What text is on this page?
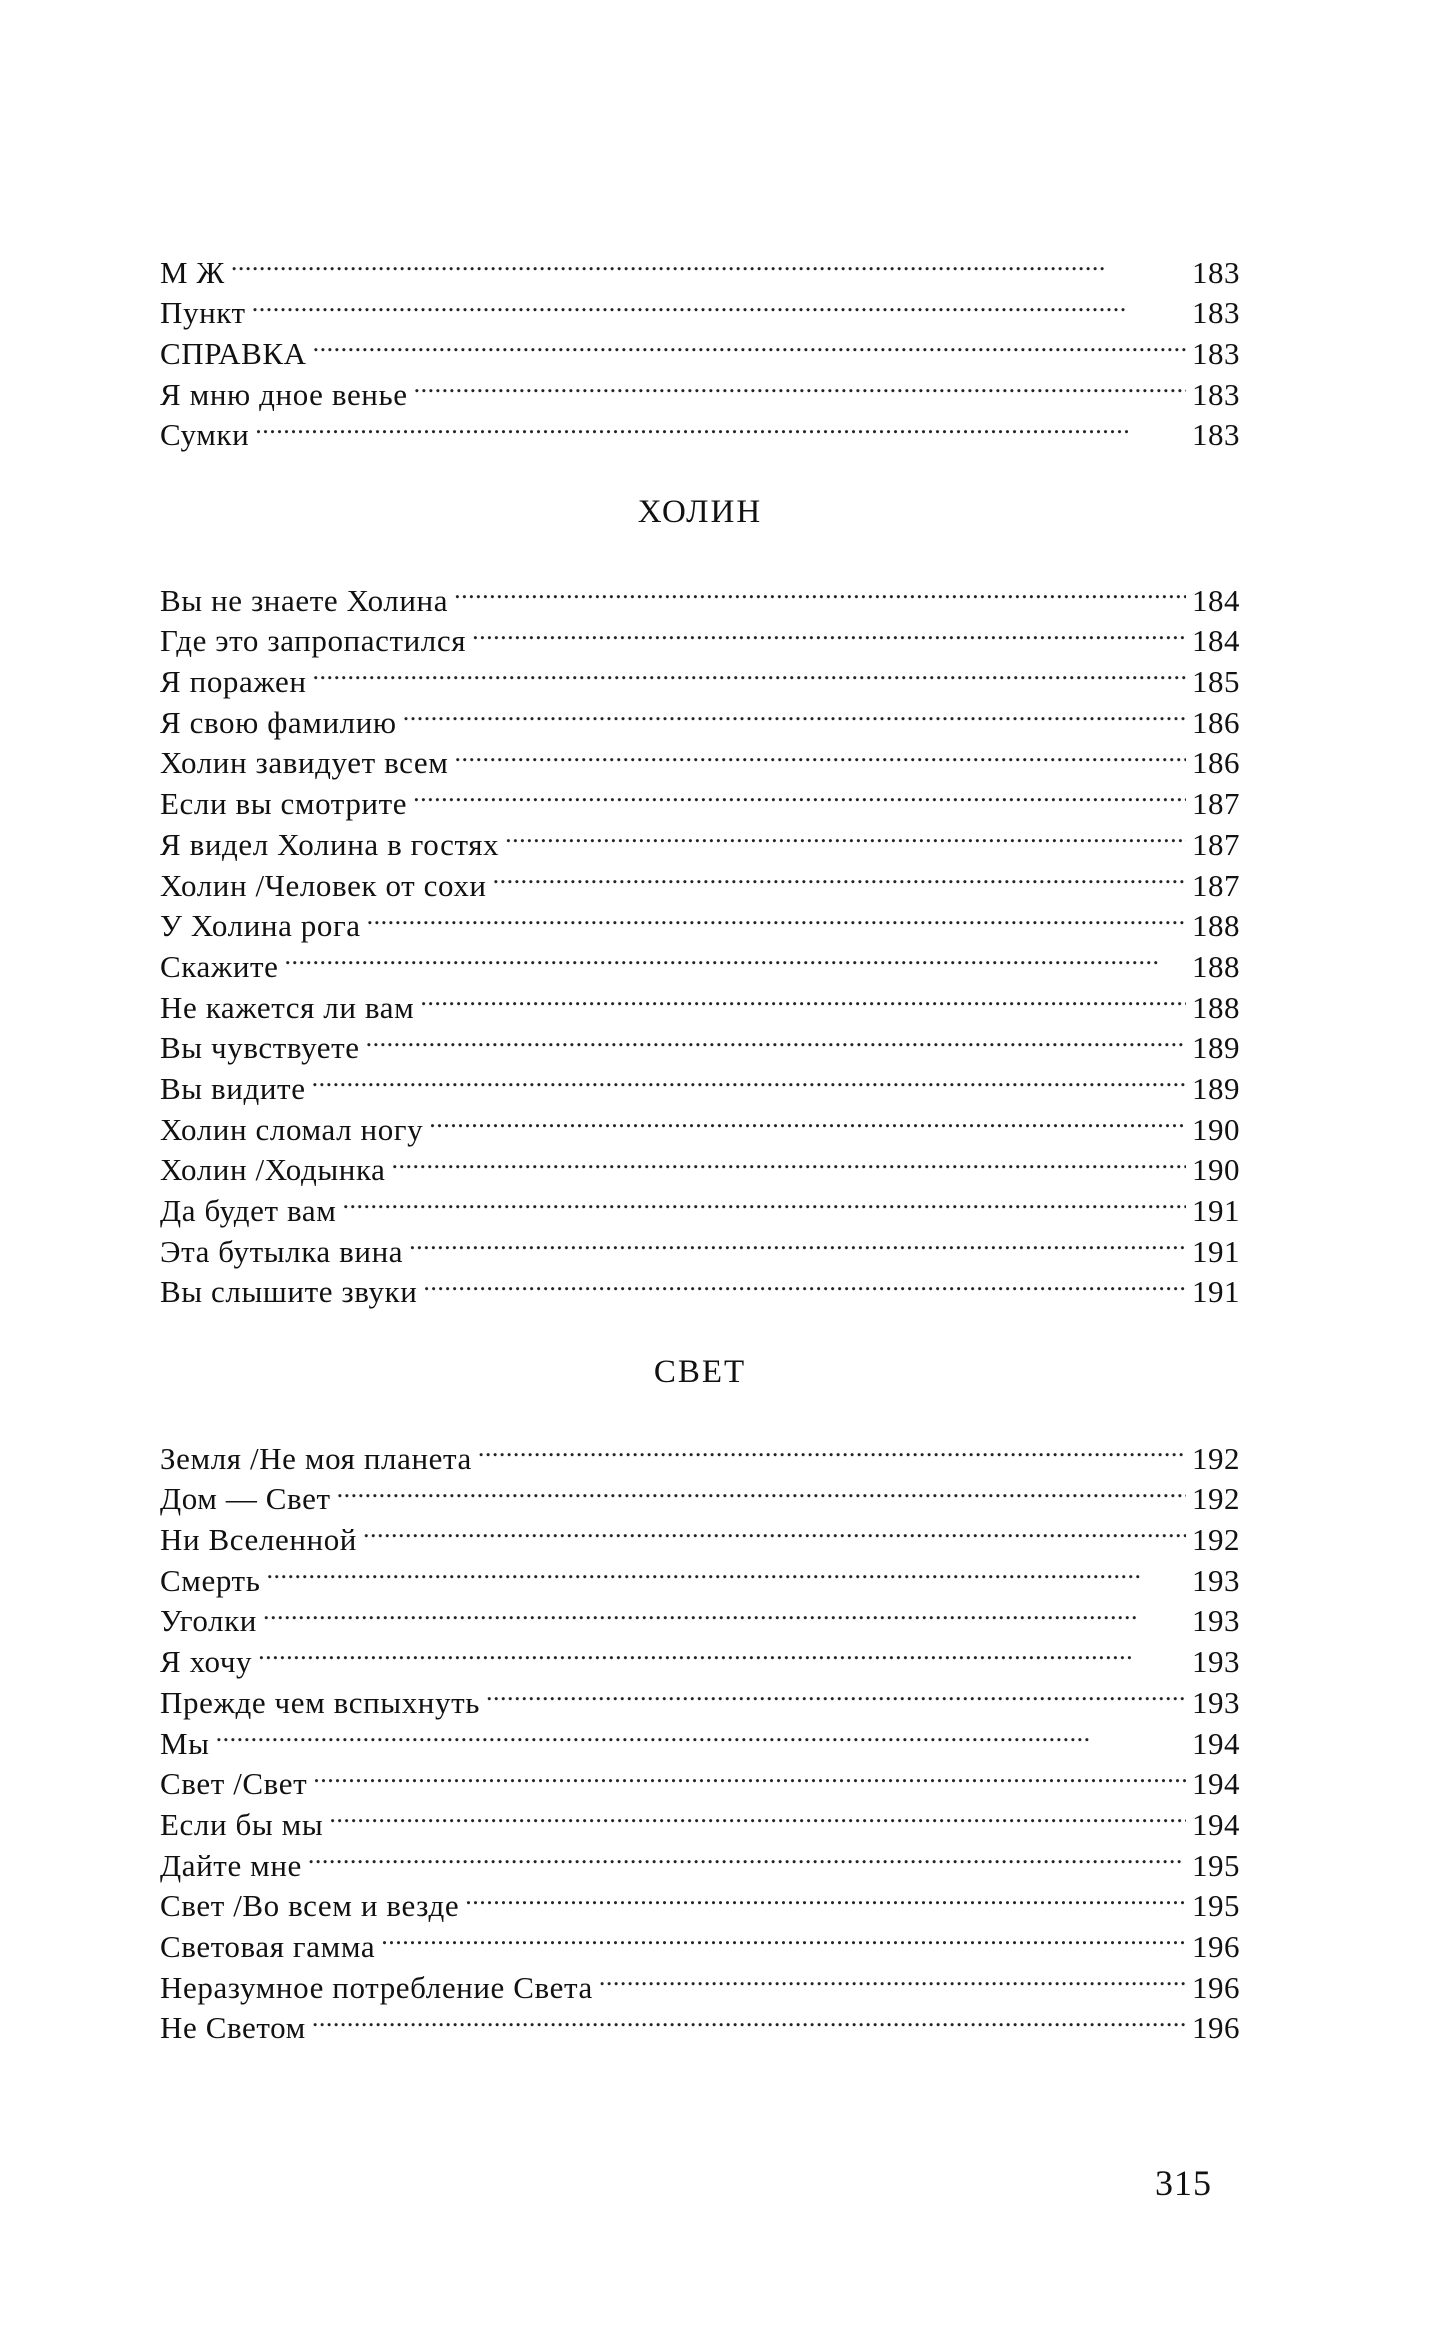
М Ж . . .	183
Пункт . . .	183
СПРАВКА . . .	183
Я мню дное венье . . .	183
Сумки . . .	183
ХОЛИН
Вы не знаете Холина . . .	184
Где это запропастился . . .	184
Я поражен . . .	185
Я свою фамилию . . .	186
Холин завидует всем . . .	186
Если вы смотрите . . .	187
Я видел Холина в гостях . . .	187
Холин /Человек от сохи . . .	187
У Холина рога . . .	188
Скажите . . .	188
Не кажется ли вам . . .	188
Вы чувствуете . . .	189
Вы видите . . .	189
Холин сломал ногу . . .	190
Холин /Ходынка . . .	190
Да будет вам . . .	191
Эта бутылка вина . . .	191
Вы слышите звуки . . .	191
СВЕТ
Земля /Не моя планета . . .	192
Дом — Свет . . .	192
Ни Вселенной . . .	192
Смерть . . .	193
Уголки . . .	193
Я хочу . . .	193
Прежде чем вспыхнуть . . .	193
Мы . . .	194
Свет /Свет . . .	194
Если бы мы . . .	194
Дайте мне . . .	195
Свет /Во всем и везде . . .	195
Световая гамма . . .	196
Неразумное потребление Света . . .	196
Не Светом . . .	196
315
